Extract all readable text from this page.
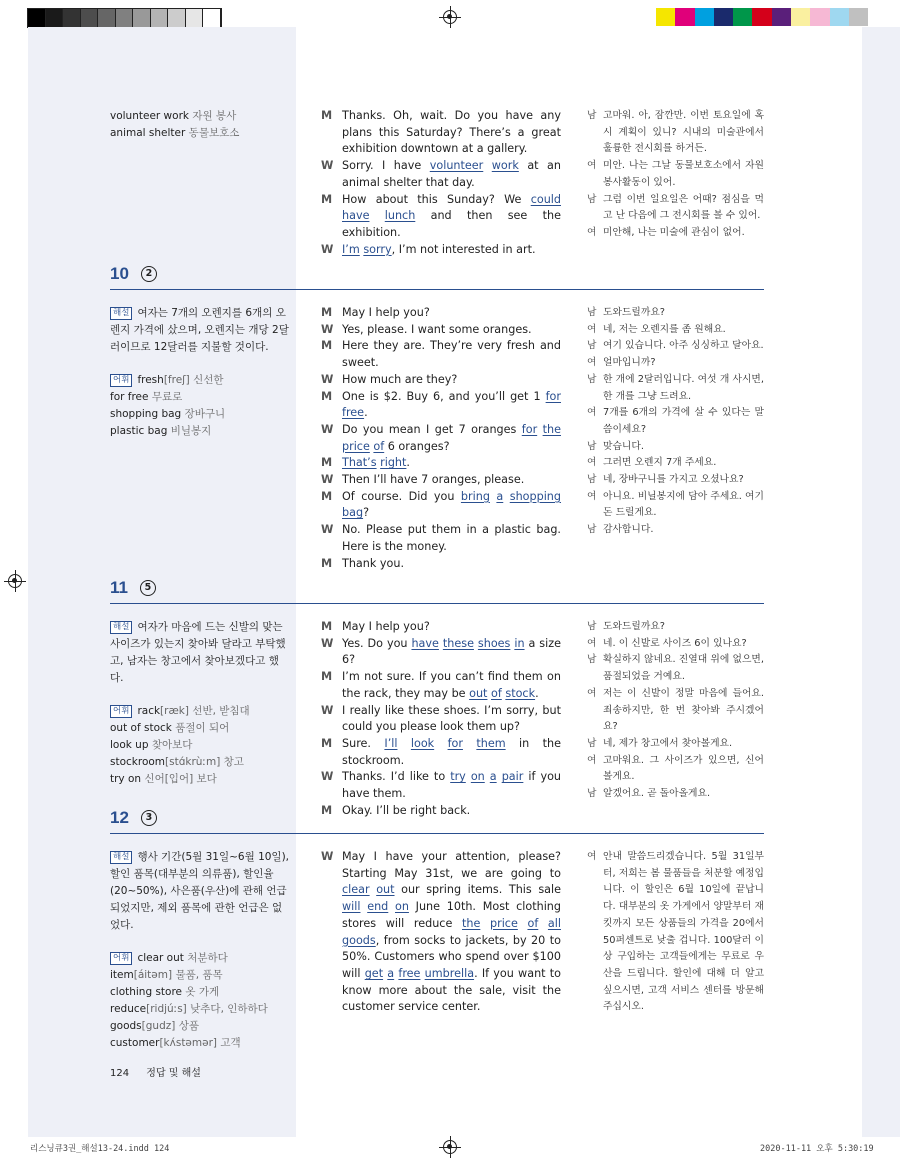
volunteer work 자원 봉사
animal shelter 동물보호소
M Thanks. Oh, wait. Do you have any plans this Saturday? There’s a great exhibition downtown at a gallery.
W Sorry. I have volunteer work at an animal shelter that day.
M How about this Sunday? We could have lunch and then see the exhibition.
W I’m sorry, I’m not interested in art.
남 고마워. 아, 잠깐만. 이번 토요일에 혹시 계획이 있니? 시내의 미술관에서 훌륭한 전시회를 하거든.
여 미안. 나는 그날 동물보호소에서 자원 봉사활동이 있어.
남 그럼 이번 일요일은 어때? 점심을 먹고 난 다음에 그 전시회를 볼 수 있어.
여 미안해, 나는 미술에 관심이 없어.
10	2
해설 여자는 7개의 오렌지를 6개의 오렌지 가격에 샀으며, 오렌지는 개당 2달러이므로 12달러를 지불할 것이다.
어휘 fresh[freʃ] 신선한
for free 무료로
shopping bag 장바구니
plastic bag 비닐봉지
M May I help you?
W Yes, please. I want some oranges.
M Here they are. They’re very fresh and sweet.
W How much are they?
M One is $2. Buy 6, and you’ll get 1 for free.
W Do you mean I get 7 oranges for the price of 6 oranges?
M That’s right.
W Then I’ll have 7 oranges, please.
M Of course. Did you bring a shopping bag?
W No. Please put them in a plastic bag. Here is the money.
M Thank you.
남 도와드릴까요?
여 네, 저는 오렌지를 좀 원해요.
남 여기 있습니다. 아주 싱싱하고 달아요.
여 얼마입니까?
남 한 개에 2달러입니다. 여섯 개 사시면, 한 개를 그냥 드려요.
여 7개를 6개의 가격에 살 수 있다는 말씀이세요?
남 맞습니다.
여 그러면 오렌지 7개 주세요.
남 네, 장바구니를 가지고 오셨나요?
여 아니요. 비닐봉지에 담아 주세요. 여기 돈 드릴게요.
남 감사합니다.
11	5
해설 여자가 마음에 드는 신발의 맞는 사이즈가 있는지 찾아봐 달라고 부탁했고, 남자는 창고에서 찾아보겠다고 했다.
어휘 rack[ræk] 선반, 받침대
out of stock 품절이 되어
look up 찾아보다
stockroom[stɑ́krùːm] 창고
try on 신어[입어] 보다
M May I help you?
W Yes. Do you have these shoes in a size 6?
M I’m not sure. If you can’t find them on the rack, they may be out of stock.
W I really like these shoes. I’m sorry, but could you please look them up?
M Sure. I’ll look for them in the stockroom.
W Thanks. I’d like to try on a pair if you have them.
M Okay. I’ll be right back.
남 도와드릴까요?
여 네. 이 신발로 사이즈 6이 있나요?
남 확실하지 않네요. 진열대 위에 없으면, 품절되었을 거예요.
여 저는 이 신발이 정말 마음에 들어요. 죄송하지만, 한 번 찾아봐 주시겠어요?
남 네, 제가 창고에서 찾아볼게요.
여 고마워요. 그 사이즈가 있으면, 신어 볼게요.
남 알겠어요. 곧 돌아올게요.
12	3
해설 행사 기간(5월 31일~6월 10일), 할인 품목(대부분의 의류품), 할인율(20~50%), 사은품(우산)에 관해 언급되었지만, 제외 품목에 관한 언급은 없었다.
어휘 clear out 처분하다
item[áitəm] 물품, 품목
clothing store 옷 가게
reduce[ridjúːs] 낮추다, 인하하다
goods[gudz] 상품
customer[kʌ́stəmər] 고객
W May I have your attention, please? Starting May 31st, we are going to clear out our spring items. This sale will end on June 10th. Most clothing stores will reduce the price of all goods, from socks to jackets, by 20 to 50%. Customers who spend over $100 will get a free umbrella. If you want to know more about the sale, visit the customer service center.
여 안내 말씀드리겠습니다. 5월 31일부터, 저희는 봄 물품들을 처분할 예정입니다. 이 할인은 6월 10일에 끝납니다. 대부분의 옷 가게에서 양말부터 재킷까지 모든 상품들의 가격을 20에서 50퍼센트로 낮출 겁니다. 100달러 이상 구입하는 고객들에게는 무료로 우산을 드립니다. 할인에 대해 더 알고 싶으시면, 고객 서비스 센터를 방문해 주십시오.
124 정답 및 해설
리스닝큐3권_해설13-24.indd 124	2020-11-11 오후 5:30:19
